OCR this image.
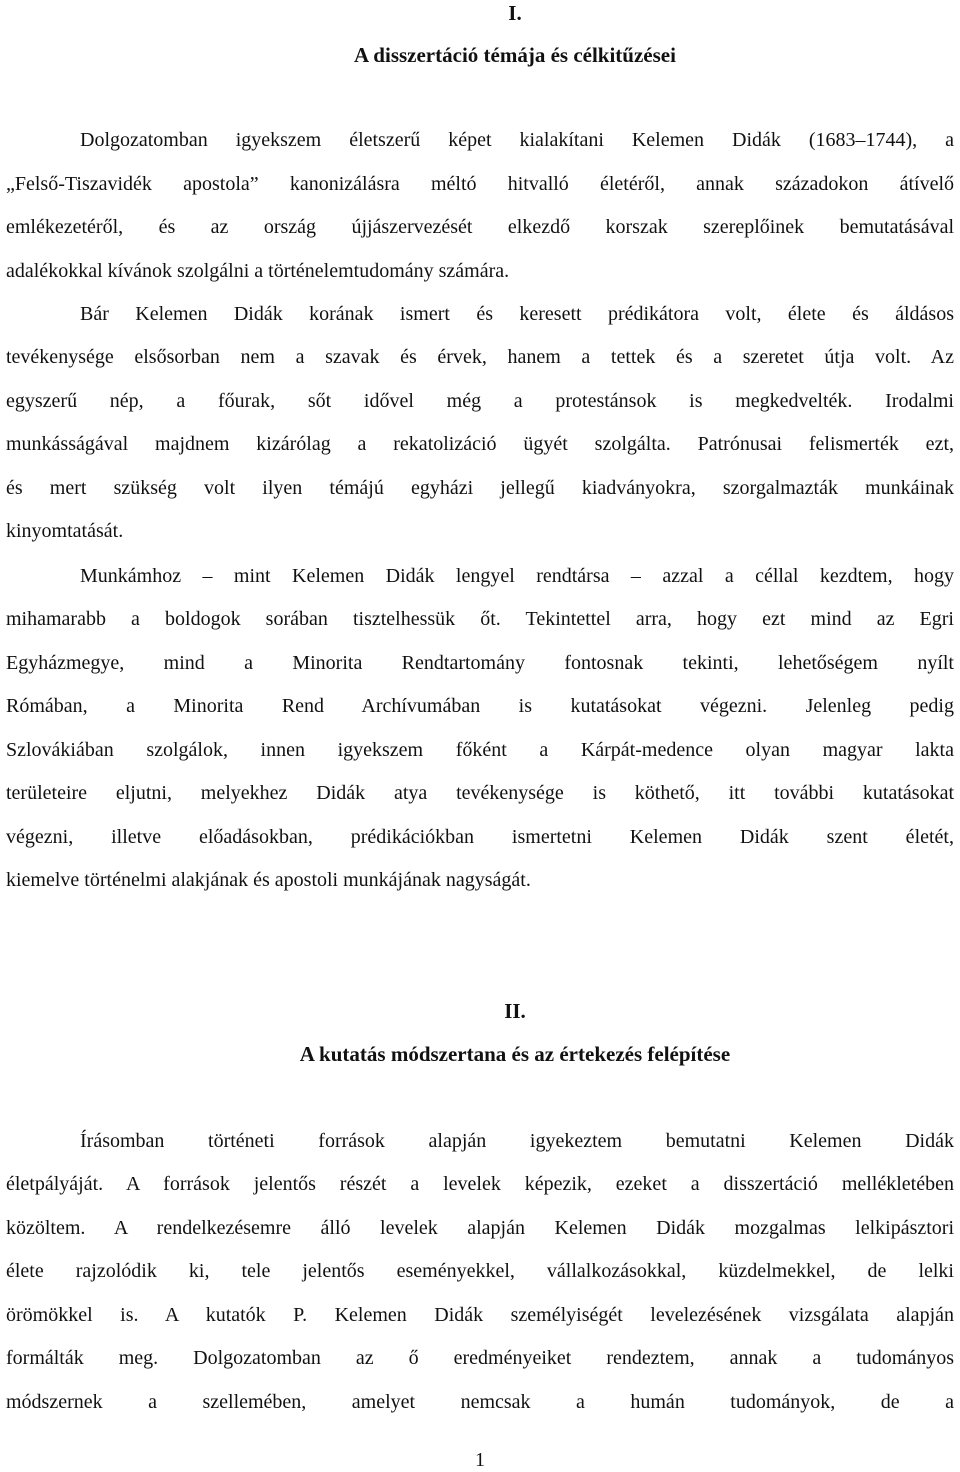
I.
A disszertáció témája és célkitűzései
Dolgozatomban igyekszem életszerű képet kialakítani Kelemen Didák (1683–1744), a
„Felső-Tiszavidék apostola” kanonizálásra méltó hitvalló életéről, annak századokon átívelő
emlékezetéről, és az ország újjászervezését elkezdő korszak szereplőinek bemutatásával
adalékokkal kívánok szolgálni a történelemtudomány számára.
Bár Kelemen Didák korának ismert és keresett prédikátora volt, élete és áldásos
tevékenysége elsősorban nem a szavak és érvek, hanem a tettek és a szeretet útja volt. Az
egyszerű nép, a főurak, sőt idővel még a protestánsok is megkedvelték. Irodalmi
munkásságával majdnem kizárólag a rekatolizáció ügyét szolgálta. Patrónusai felismerték ezt,
és mert szükség volt ilyen témájú egyházi jellegű kiadványokra, szorgalmazták munkáinak
kinyomtatását.
Munkámhoz – mint Kelemen Didák lengyel rendtársa – azzal a céllal kezdtem, hogy
mihamarabb a boldogok sorában tisztelhessük őt. Tekintettel arra, hogy ezt mind az Egri
Egyházmegye, mind a Minorita Rendtartomány fontosnak tekinti, lehetőségem nyílt
Rómában, a Minorita Rend Archívumában is kutatásokat végezni. Jelenleg pedig
Szlovákiában szolgálok, innen igyekszem főként a Kárpát-medence olyan magyar lakta
területeire eljutni, melyekhez Didák atya tevékenysége is köthető, itt további kutatásokat
végezni, illetve előadásokban, prédikációkban ismertetni Kelemen Didák szent életét,
kiemelve történelmi alakjának és apostoli munkájának nagyságát.
II.
A kutatás módszertana és az értekezés felépítése
Írásomban történeti források alapján igyekeztem bemutatni Kelemen Didák
életpályáját. A források jelentős részét a levelek képezik, ezeket a disszertáció mellékletében
közöltem. A rendelkezésemre álló levelek alapján Kelemen Didák mozgalmas lelkipásztori
élete rajzolódik ki, tele jelentős eseményekkel, vállalkozásokkal, küzdelmekkel, de lelki
örömökkel is. A kutatók P. Kelemen Didák személyiségét levelezésének vizsgálata alapján
formálták meg. Dolgozatomban az ő eredményeiket rendeztem, annak a tudományos
módszernek a szellemében, amelyet nemcsak a humán tudományok, de a
1
